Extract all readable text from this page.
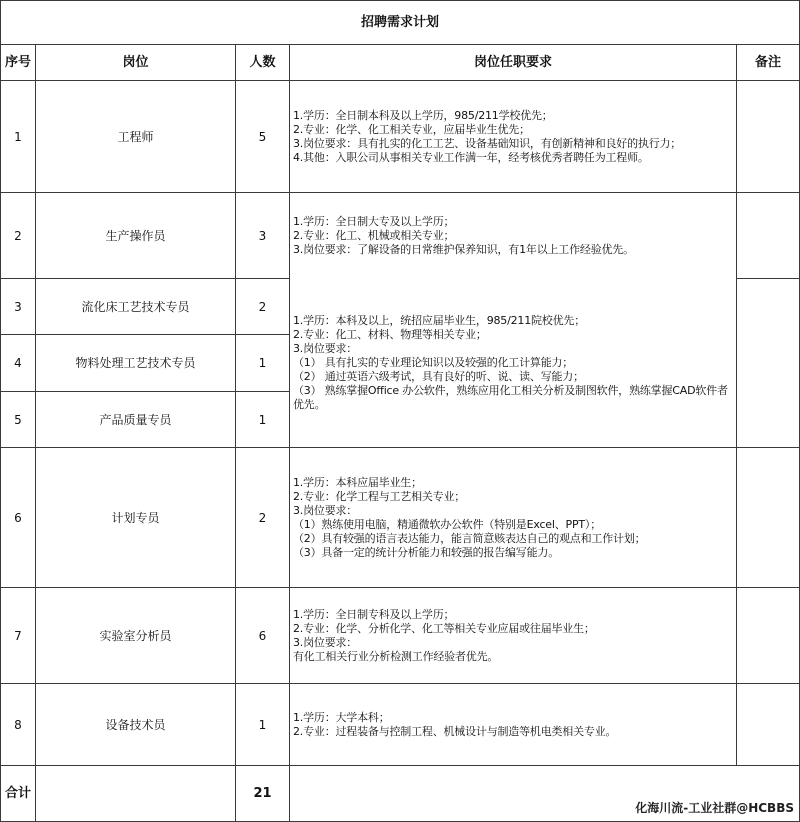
招聘需求计划
序号	岗位	人数	岗位任职要求	备注
1	工程师	5
1.学历：全日制本科及以上学历，985/211学校优先；
2.专业：化学、化工相关专业，应届毕业生优先；
3.岗位要求：具有扎实的化工工艺、设备基础知识，有创新精神和良好的执行力；
4.其他：入职公司从事相关专业工作满一年，经考核优秀者聘任为工程师。
2	生产操作员	3
1.学历：全日制大专及以上学历；
2.专业：化工、机械或相关专业；
3.岗位要求：了解设备的日常维护保养知识，有1年以上工作经验优先。
3	流化床工艺技术专员	2
4	物料处理工艺技术专员	1
5	产品质量专员	1
1.学历：本科及以上，统招应届毕业生，985/211院校优先；
2.专业：化工、材料、物理等相关专业；
3.岗位要求：
（1） 具有扎实的专业理论知识以及较强的化工计算能力；
（2） 通过英语六级考试，具有良好的听、说、读、写能力；
（3） 熟练掌握Office 办公软件，熟练应用化工相关分析及制图软件，熟练掌握CAD软件者优先。
6	计划专员	2
1.学历：本科应届毕业生；
2.专业：化学工程与工艺相关专业；
3.岗位要求：
（1）熟练使用电脑，精通微软办公软件（特别是Excel、PPT）；
（2）具有较强的语言表达能力，能言简意赅表达自己的观点和工作计划；
（3）具备一定的统计分析能力和较强的报告编写能力。
7	实验室分析员	6
1.学历：全日制专科及以上学历；
2.专业：化学、分析化学、化工等相关专业应届或往届毕业生；
3.岗位要求：
有化工相关行业分析检测工作经验者优先。
8	设备技术员	1
1.学历：大学本科；
2.专业：过程装备与控制工程、机械设计与制造等机电类相关专业。
合计	21
化海川流-工业社群@HCBBS
